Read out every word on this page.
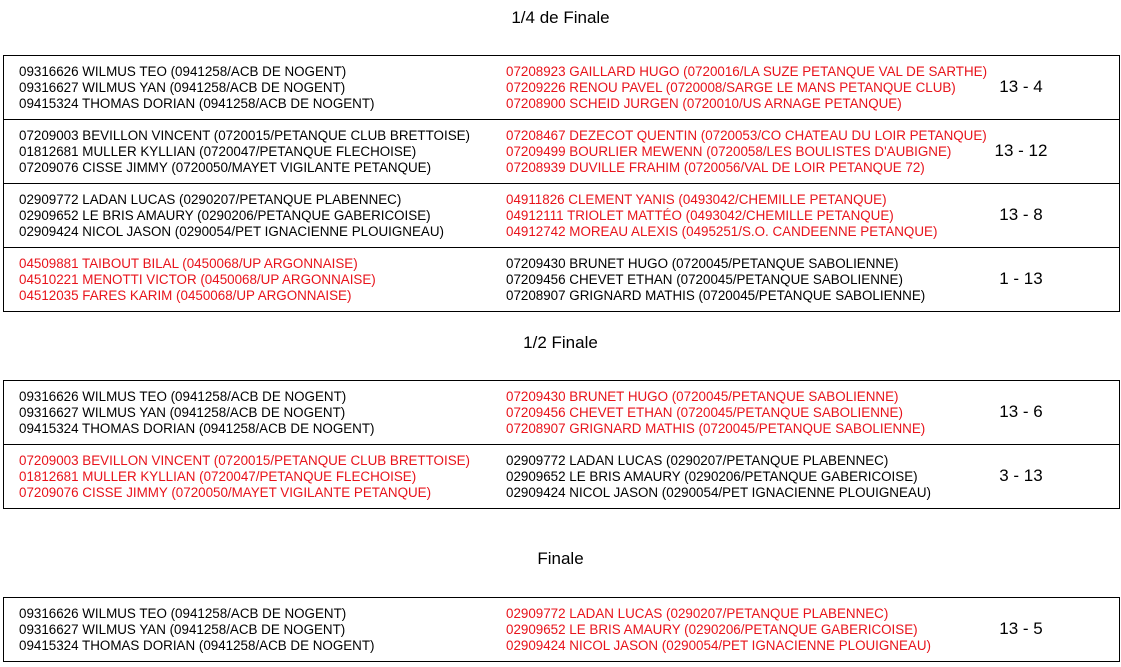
1/4 de Finale
09316626 WILMUS TEO (0941258/ACB DE NOGENT)
09316627 WILMUS YAN (0941258/ACB DE NOGENT)
09415324 THOMAS DORIAN (0941258/ACB DE NOGENT)
07208923 GAILLARD HUGO (0720016/LA SUZE PETANQUE VAL DE SARTHE)
07209226 RENOU PAVEL (0720008/SARGE LE MANS PETANQUE CLUB)
07208900 SCHEID JURGEN (0720010/US ARNAGE PETANQUE)
13 - 4
07209003 BEVILLON VINCENT (0720015/PETANQUE CLUB BRETTOISE)
01812681 MULLER KYLLIAN (0720047/PETANQUE FLECHOISE)
07209076 CISSE JIMMY (0720050/MAYET VIGILANTE PETANQUE)
07208467 DEZECOT QUENTIN (0720053/CO CHATEAU DU LOIR PETANQUE)
07209499 BOURLIER MEWENN (0720058/LES BOULISTES D'AUBIGNE)
07208939 DUVILLE FRAHIM (0720056/VAL DE LOIR PETANQUE 72)
13 - 12
02909772 LADAN LUCAS (0290207/PETANQUE PLABENNEC)
02909652 LE BRIS AMAURY (0290206/PETANQUE GABERICOISE)
02909424 NICOL JASON (0290054/PET IGNACIENNE PLOUIGNEAU)
04911826 CLEMENT YANIS (0493042/CHEMILLE PETANQUE)
04912111 TRIOLET MATTÉO (0493042/CHEMILLE PETANQUE)
04912742 MOREAU ALEXIS (0495251/S.O. CANDEENNE PETANQUE)
13 - 8
04509881 TAIBOUT BILAL (0450068/UP ARGONNAISE)
04510221 MENOTTI VICTOR (0450068/UP ARGONNAISE)
04512035 FARES KARIM (0450068/UP ARGONNAISE)
07209430 BRUNET HUGO (0720045/PETANQUE SABOLIENNE)
07209456 CHEVET ETHAN (0720045/PETANQUE SABOLIENNE)
07208907 GRIGNARD MATHIS (0720045/PETANQUE SABOLIENNE)
1 - 13
1/2 Finale
09316626 WILMUS TEO (0941258/ACB DE NOGENT)
09316627 WILMUS YAN (0941258/ACB DE NOGENT)
09415324 THOMAS DORIAN (0941258/ACB DE NOGENT)
07209430 BRUNET HUGO (0720045/PETANQUE SABOLIENNE)
07209456 CHEVET ETHAN (0720045/PETANQUE SABOLIENNE)
07208907 GRIGNARD MATHIS (0720045/PETANQUE SABOLIENNE)
13 - 6
07209003 BEVILLON VINCENT (0720015/PETANQUE CLUB BRETTOISE)
01812681 MULLER KYLLIAN (0720047/PETANQUE FLECHOISE)
07209076 CISSE JIMMY (0720050/MAYET VIGILANTE PETANQUE)
02909772 LADAN LUCAS (0290207/PETANQUE PLABENNEC)
02909652 LE BRIS AMAURY (0290206/PETANQUE GABERICOISE)
02909424 NICOL JASON (0290054/PET IGNACIENNE PLOUIGNEAU)
3 - 13
Finale
09316626 WILMUS TEO (0941258/ACB DE NOGENT)
09316627 WILMUS YAN (0941258/ACB DE NOGENT)
09415324 THOMAS DORIAN (0941258/ACB DE NOGENT)
02909772 LADAN LUCAS (0290207/PETANQUE PLABENNEC)
02909652 LE BRIS AMAURY (0290206/PETANQUE GABERICOISE)
02909424 NICOL JASON (0290054/PET IGNACIENNE PLOUIGNEAU)
13 - 5
